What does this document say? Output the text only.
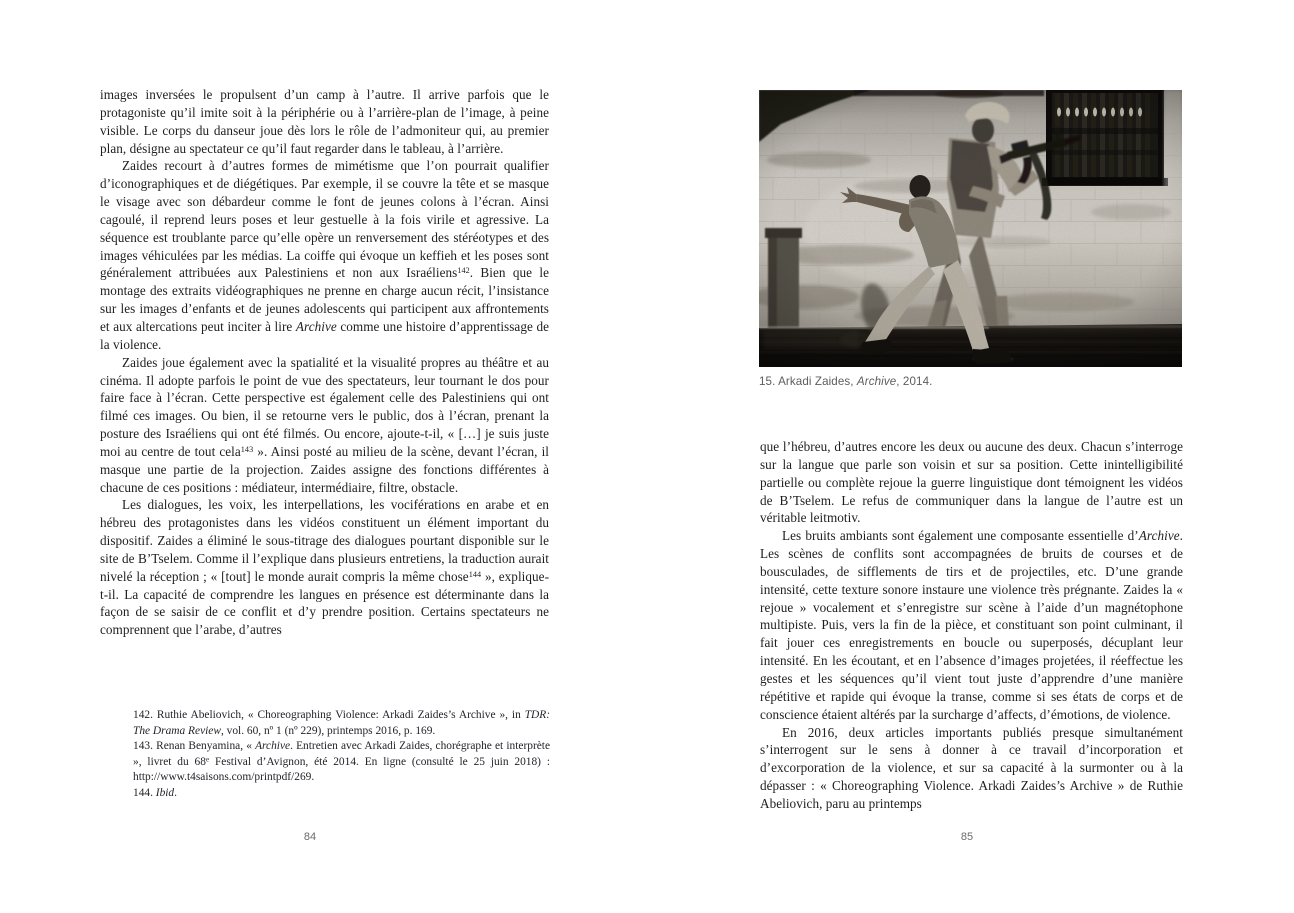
images inversées le propulsent d’un camp à l’autre. Il arrive parfois que le protagoniste qu’il imite soit à la périphérie ou à l’arrière-plan de l’image, à peine visible. Le corps du danseur joue dès lors le rôle de l’admoniteur qui, au premier plan, désigne au spectateur ce qu’il faut regarder dans le tableau, à l’arrière.

Zaides recourt à d’autres formes de mimétisme que l’on pourrait qualifier d’iconographiques et de diégétiques. Par exemple, il se couvre la tête et se masque le visage avec son débardeur comme le font de jeunes colons à l’écran. Ainsi cagoulé, il reprend leurs poses et leur gestuelle à la fois virile et agressive. La séquence est troublante parce qu’elle opère un renversement des stéréotypes et des images véhiculées par les médias. La coiffe qui évoque un keffieh et les poses sont généralement attribuées aux Palestiniens et non aux Israéliens$^{142}$. Bien que le montage des extraits vidéographiques ne prenne en charge aucun récit, l’insistance sur les images d’enfants et de jeunes adolescents qui participent aux affrontements et aux altercations peut inciter à lire Archive comme une histoire d’apprentissage de la violence.

Zaides joue également avec la spatialité et la visualité propres au théâtre et au cinéma. Il adopte parfois le point de vue des spectateurs, leur tournant le dos pour faire face à l’écran. Cette perspective est également celle des Palestiniens qui ont filmé ces images. Ou bien, il se retourne vers le public, dos à l’écran, prenant la posture des Israéliens qui ont été filmés. Ou encore, ajoute-t-il, « […] je suis juste moi au centre de tout cela$^{143}$ ». Ainsi posté au milieu de la scène, devant l’écran, il masque une partie de la projection. Zaides assigne des fonctions différentes à chacune de ces positions : médiateur, intermédiaire, filtre, obstacle.

Les dialogues, les voix, les interpellations, les vociférations en arabe et en hébreu des protagonistes dans les vidéos constituent un élément important du dispositif. Zaides a éliminé le sous-titrage des dialogues pourtant disponible sur le site de B’Tselem. Comme il l’explique dans plusieurs entretiens, la traduction aurait nivelé la réception ; « [tout] le monde aurait compris la même chose$^{144}$ », explique-t-il. La capacité de comprendre les langues en présence est déterminante dans la façon de se saisir de ce conflit et d’y prendre position. Certains spectateurs ne comprennent que l’arabe, d’autres

142. Ruthie Abeliovich, « Choreographing Violence: Arkadi Zaides’s Archive », in TDR: The Drama Review, vol. 60, nº 1 (nº 229), printemps 2016, p. 169.

143. Renan Benyamina, « Archive. Entretien avec Arkadi Zaides, chorégraphe et interprète », livret du 68e Festival d’Avignon, été 2014. En ligne (consulté le 25 juin 2018) : http://www.t4saisons.com/printpdf/269.

144. Ibid.

84
15. Arkadi Zaides, Archive, 2014.

que l’hébreu, d’autres encore les deux ou aucune des deux. Chacun s’interroge sur la langue que parle son voisin et sur sa position. Cette inintelligibilité partielle ou complète rejoue la guerre linguistique dont témoignent les vidéos de B’Tselem. Le refus de communiquer dans la langue de l’autre est un véritable leitmotiv.

Les bruits ambiants sont également une composante essentielle d’Archive. Les scènes de conflits sont accompagnées de bruits de courses et de bousculades, de sifflements de tirs et de projectiles, etc. D’une grande intensité, cette texture sonore instaure une violence très prégnante. Zaides la « rejoue » vocalement et s’enregistre sur scène à l’aide d’un magnétophone multipiste. Puis, vers la fin de la pièce, et constituant son point culminant, il fait jouer ces enregistrements en boucle ou superposés, décuplant leur intensité. En les écoutant, et en l’absence d’images projetées, il réeffectue les gestes et les séquences qu’il vient tout juste d’apprendre d’une manière répétitive et rapide qui évoque la transe, comme si ses états de corps et de conscience étaient altérés par la surcharge d’affects, d’émotions, de violence.

En 2016, deux articles importants publiés presque simultanément s’interrogent sur le sens à donner à ce travail d’incorporation et d’excorporation de la violence, et sur sa capacité à la surmonter ou à la dépasser : « Choreographing Violence. Arkadi Zaides’s Archive » de Ruthie Abeliovich, paru au printemps

85
